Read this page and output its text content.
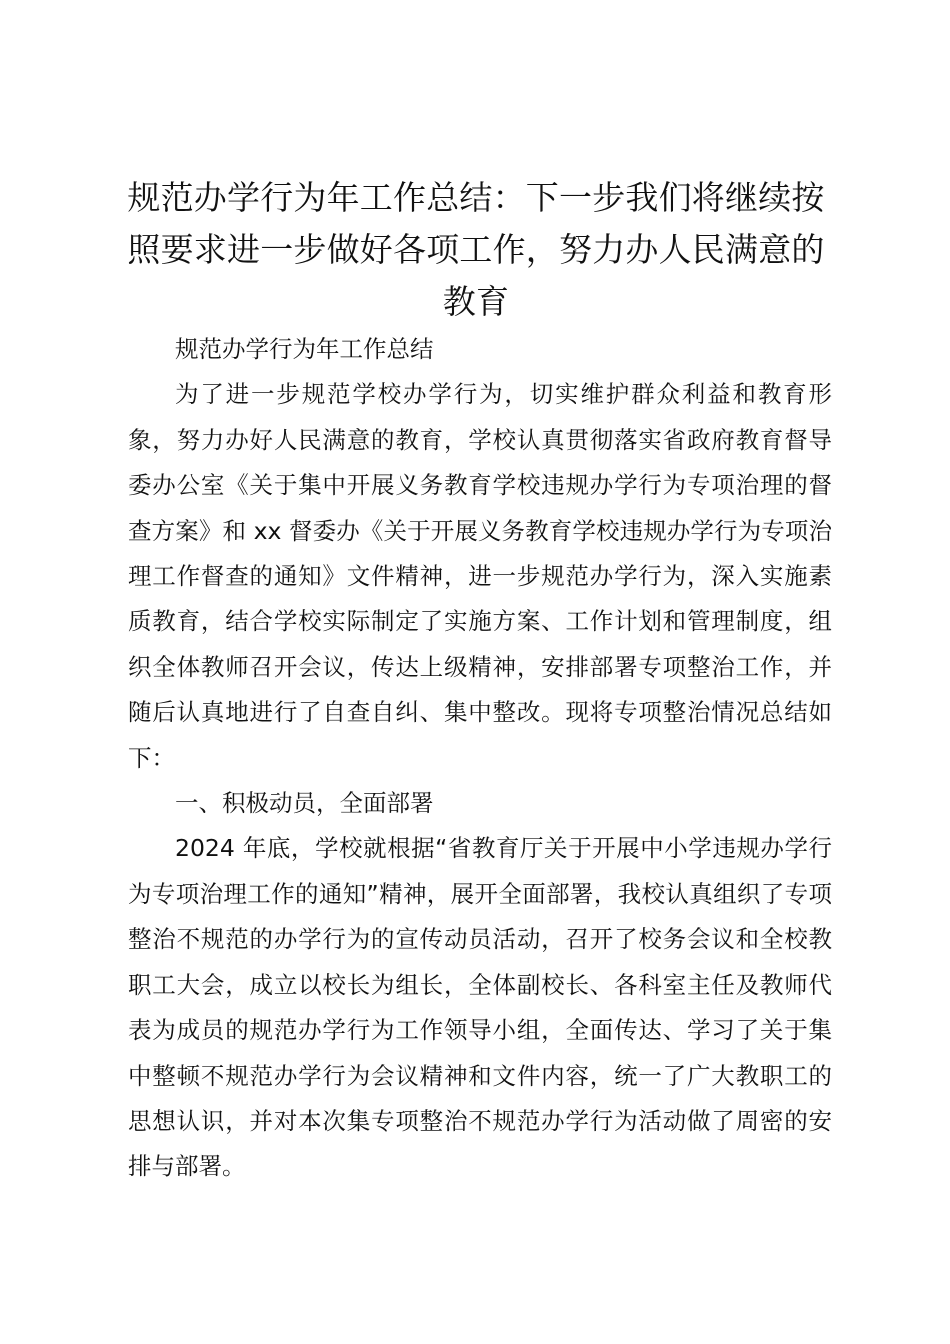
规范办学行为年工作总结：下一步我们将继续按照要求进一步做好各项工作，努力办人民满意的教育

规范办学行为年工作总结

为了进一步规范学校办学行为，切实维护群众利益和教育形象，努力办好人民满意的教育，学校认真贯彻落实省政府教育督导委办公室《关于集中开展义务教育学校违规办学行为专项治理的督查方案》和 xx 督委办《关于开展义务教育学校违规办学行为专项治理工作督查的通知》文件精神，进一步规范办学行为，深入实施素质教育，结合学校实际制定了实施方案、工作计划和管理制度，组织全体教师召开会议，传达上级精神，安排部署专项整治工作，并随后认真地进行了自查自纠、集中整改。现将专项整治情况总结如下：

一、积极动员，全面部署

2024 年底，学校就根据“省教育厅关于开展中小学违规办学行为专项治理工作的通知”精神，展开全面部署，我校认真组织了专项整治不规范的办学行为的宣传动员活动，召开了校务会议和全校教职工大会，成立以校长为组长，全体副校长、各科室主任及教师代表为成员的规范办学行为工作领导小组，全面传达、学习了关于集中整顿不规范办学行为会议精神和文件内容，统一了广大教职工的思想认识，并对本次集专项整治不规范办学行为活动做了周密的安排与部署。
